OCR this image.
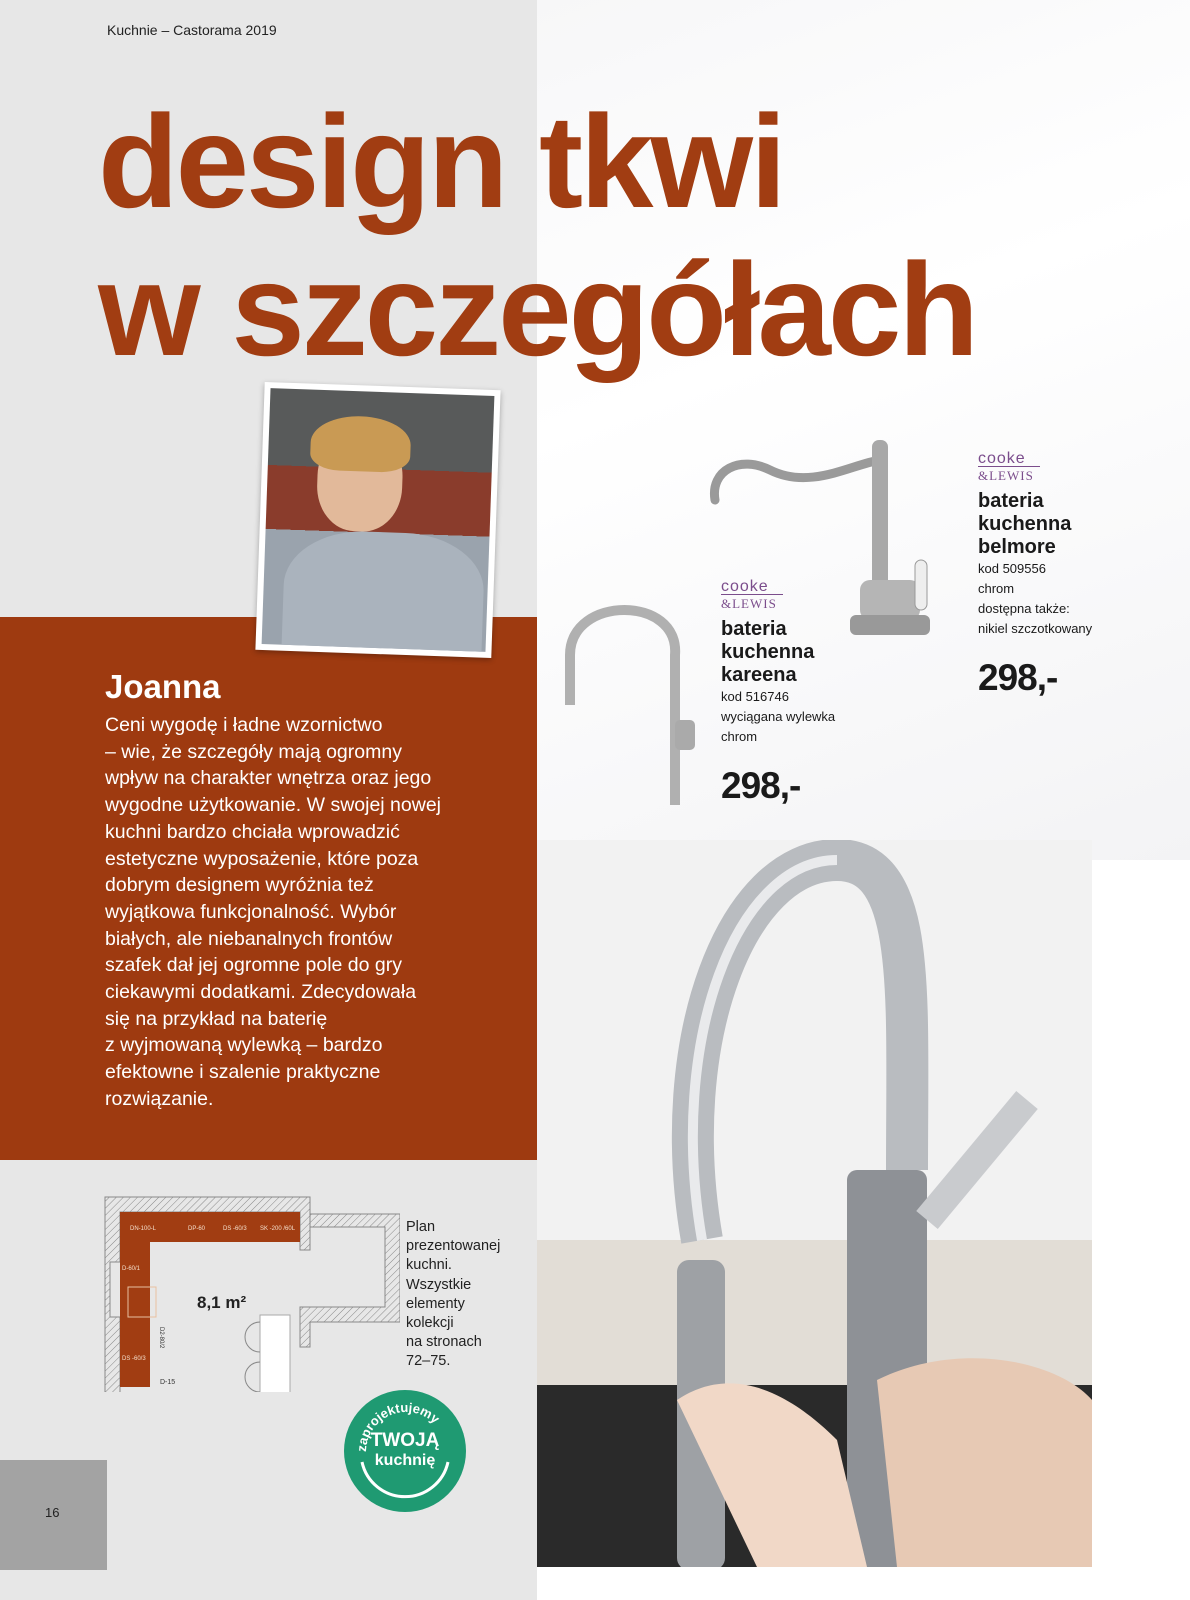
Kuchnie – Castorama 2019
design tkwi
w szczegółach
Joanna
Ceni wygodę i ładne wzornictwo
– wie, że szczegóły mają ogromny
wpływ na charakter wnętrza oraz jego
wygodne użytkowanie. W swojej nowej
kuchni bardzo chciała wprowadzić
estetyczne wyposażenie, które poza
dobrym designem wyróżnia też
wyjątkowa funkcjonalność. Wybór
białych, ale niebanalnych frontów
szafek dał jej ogromne pole do gry
ciekawymi dodatkami. Zdecydowała
się na przykład na baterię
z wyjmowaną wylewką – bardzo
efektowne i szalenie praktyczne
rozwiązanie.
cooke
&LEWIS
bateria
kuchenna
belmore
kod 509556
chrom
dostępna także:
nikiel szczotkowany
298,-
cooke
&LEWIS
bateria
kuchenna
kareena
kod 516746
wyciągana wylewka
chrom
298,-
DN-100-L	DP-60	DS -60/3 SK -200 /60L
D-60/1
DS -60/3
D-15
D2-80/2
8,1 m²
Plan
prezentowanej
kuchni.
Wszystkie
elementy
kolekcji
na stronach
72–75.
zaprojektujemy
TWOJĄ
kuchnię
16
